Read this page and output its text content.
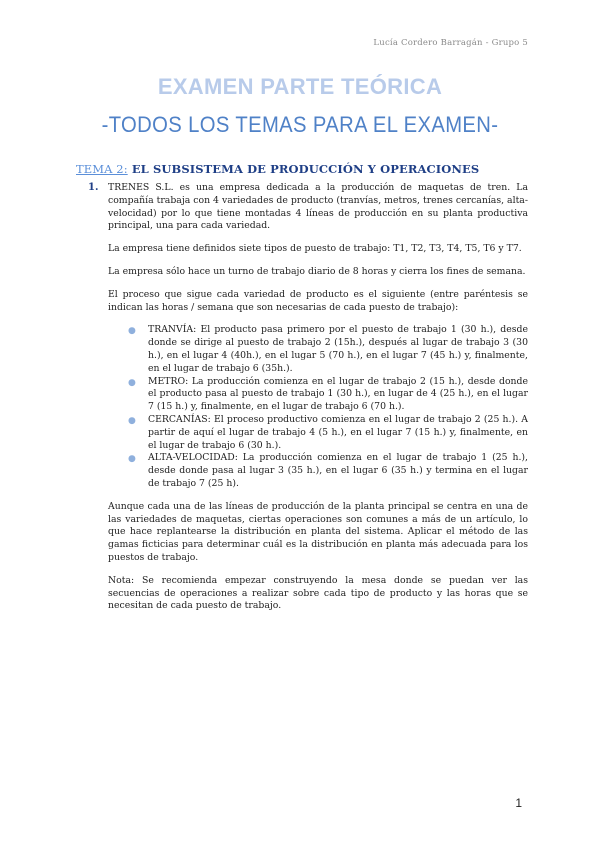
Lucía Cordero Barragán - Grupo 5
EXAMEN PARTE TEÓRICA
-TODOS LOS TEMAS PARA EL EXAMEN-
TEMA 2: EL SUBSISTEMA DE PRODUCCIÓN Y OPERACIONES

1. TRENES S.L. es una empresa dedicada a la producción de maquetas de tren. La compañía trabaja con 4 variedades de producto (tranvías, metros, trenes cercanías, alta-velocidad) por lo que tiene montadas 4 líneas de producción en su planta productiva principal, una para cada variedad.

La empresa tiene definidos siete tipos de puesto de trabajo: T1, T2, T3, T4, T5, T6 y T7.

La empresa sólo hace un turno de trabajo diario de 8 horas y cierra los fines de semana.

El proceso que sigue cada variedad de producto es el siguiente (entre paréntesis se indican las horas / semana que son necesarias de cada puesto de trabajo):

● TRANVÍA: El producto pasa primero por el puesto de trabajo 1 (30 h.), desde donde se dirige al puesto de trabajo 2 (15h.), después al lugar de trabajo 3 (30 h.), en el lugar 4 (40h.), en el lugar 5 (70 h.), en el lugar 7 (45 h.) y, finalmente, en el lugar de trabajo 6 (35h.).
● METRO: La producción comienza en el lugar de trabajo 2 (15 h.), desde donde el producto pasa al puesto de trabajo 1 (30 h.), en lugar de 4 (25 h.), en el lugar 7 (15 h.) y, finalmente, en el lugar de trabajo 6 (70 h.).
● CERCANÍAS: El proceso productivo comienza en el lugar de trabajo 2 (25 h.). A partir de aquí el lugar de trabajo 4 (5 h.), en el lugar 7 (15 h.) y, finalmente, en el lugar de trabajo 6 (30 h.).
● ALTA-VELOCIDAD: La producción comienza en el lugar de trabajo 1 (25 h.), desde donde pasa al lugar 3 (35 h.), en el lugar 6 (35 h.) y termina en el lugar de trabajo 7 (25 h).

Aunque cada una de las líneas de producción de la planta principal se centra en una de las variedades de maquetas, ciertas operaciones son comunes a más de un artículo, lo que hace replantearse la distribución en planta del sistema. Aplicar el método de las gamas ficticias para determinar cuál es la distribución en planta más adecuada para los puestos de trabajo.

Nota: Se recomienda empezar construyendo la mesa donde se puedan ver las secuencias de operaciones a realizar sobre cada tipo de producto y las horas que se necesitan de cada puesto de trabajo.

1
